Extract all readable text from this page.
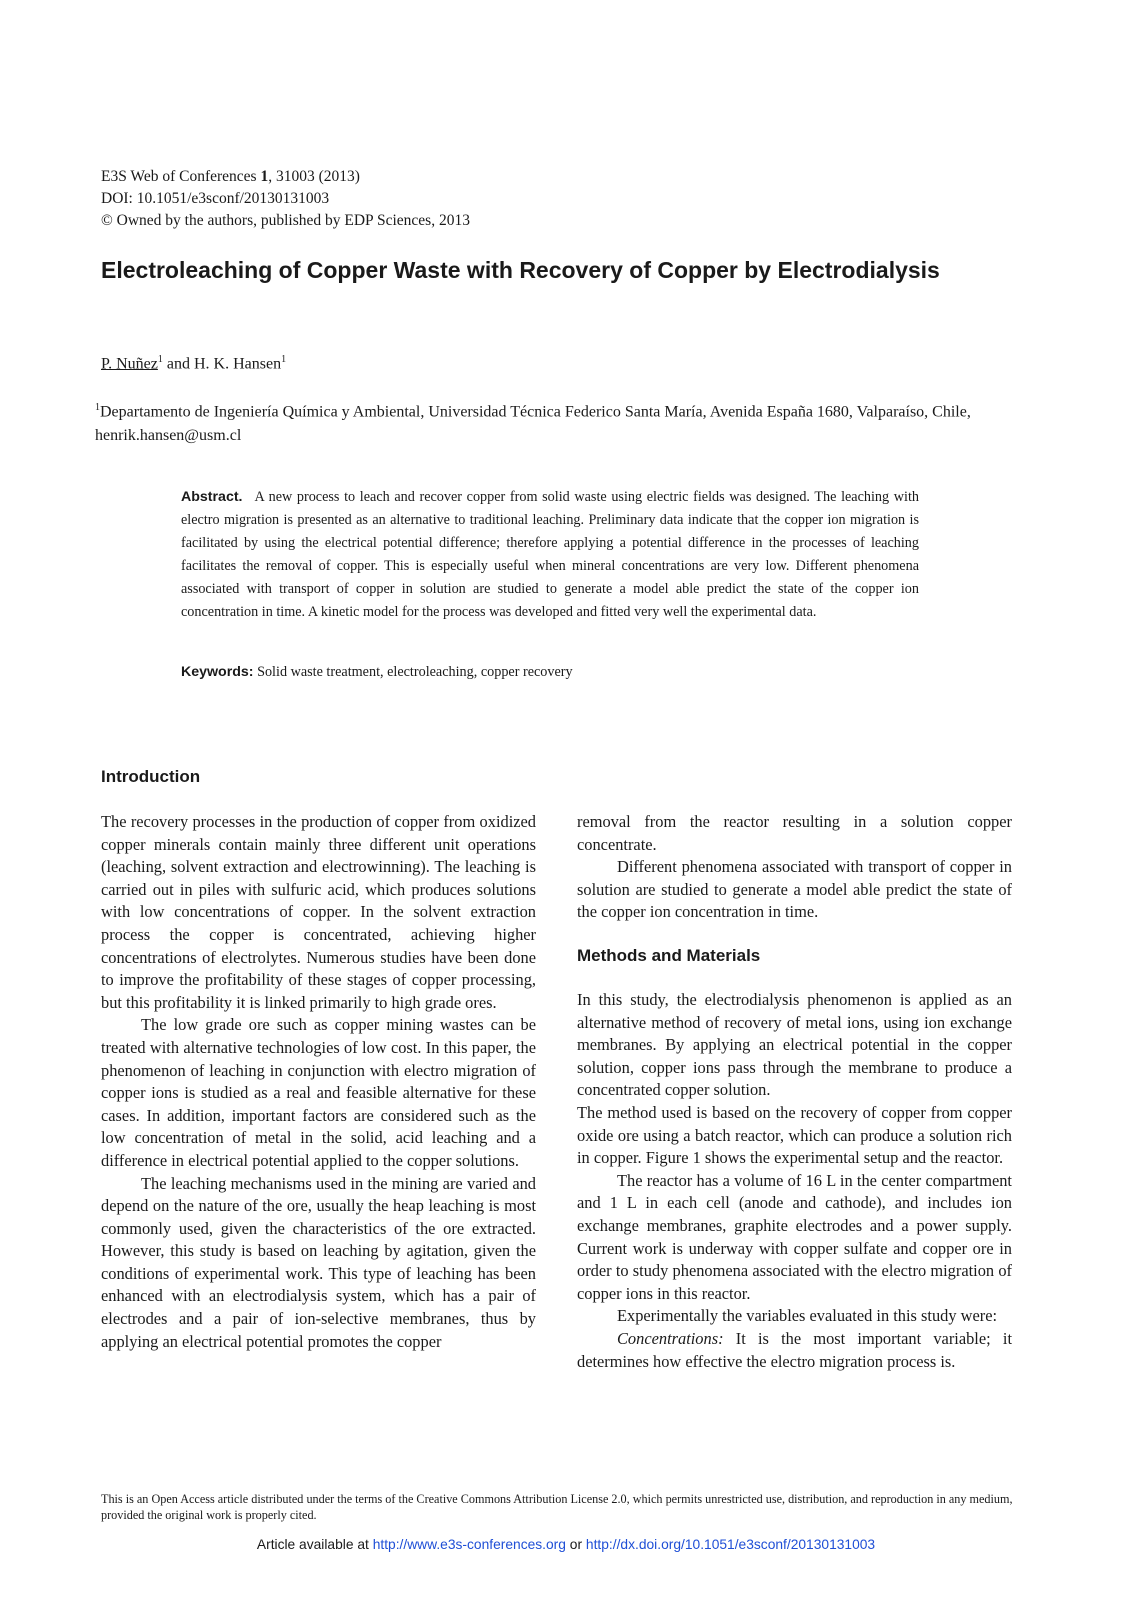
E3S Web of Conferences 1, 31003 (2013)
DOI: 10.1051/e3sconf/20130131003
© Owned by the authors, published by EDP Sciences, 2013
Electroleaching of Copper Waste with Recovery of Copper by Electrodialysis
P. Nuñez$^1$ and H. K. Hansen$^1$
$^1$Departamento de Ingeniería Química y Ambiental, Universidad Técnica Federico Santa María, Avenida España 1680, Valparaíso, Chile, henrik.hansen@usm.cl

Abstract. A new process to leach and recover copper from solid waste using electric fields was designed. The leaching with electro migration is presented as an alternative to traditional leaching. Preliminary data indicate that the copper ion migration is facilitated by using the electrical potential difference; therefore applying a potential difference in the processes of leaching facilitates the removal of copper. This is especially useful when mineral concentrations are very low. Different phenomena associated with transport of copper in solution are studied to generate a model able predict the state of the copper ion concentration in time. A kinetic model for the process was developed and fitted very well the experimental data.

Keywords: Solid waste treatment, electroleaching, copper recovery

Introduction

The recovery processes in the production of copper from oxidized copper minerals contain mainly three different unit operations (leaching, solvent extraction and electrowinning). The leaching is carried out in piles with sulfuric acid, which produces solutions with low concentrations of copper. In the solvent extraction process the copper is concentrated, achieving higher concentrations of electrolytes. Numerous studies have been done to improve the profitability of these stages of copper processing, but this profitability it is linked primarily to high grade ores.

The low grade ore such as copper mining wastes can be treated with alternative technologies of low cost. In this paper, the phenomenon of leaching in conjunction with electro migration of copper ions is studied as a real and feasible alternative for these cases. In addition, important factors are considered such as the low concentration of metal in the solid, acid leaching and a difference in electrical potential applied to the copper solutions.

The leaching mechanisms used in the mining are varied and depend on the nature of the ore, usually the heap leaching is most commonly used, given the characteristics of the ore extracted. However, this study is based on leaching by agitation, given the conditions of experimental work. This type of leaching has been enhanced with an electrodialysis system, which has a pair of electrodes and a pair of ion-selective membranes, thus by applying an electrical potential promotes the copper

removal from the reactor resulting in a solution copper concentrate.

Different phenomena associated with transport of copper in solution are studied to generate a model able predict the state of the copper ion concentration in time.

Methods and Materials

In this study, the electrodialysis phenomenon is applied as an alternative method of recovery of metal ions, using ion exchange membranes. By applying an electrical potential in the copper solution, copper ions pass through the membrane to produce a concentrated copper solution.

The method used is based on the recovery of copper from copper oxide ore using a batch reactor, which can produce a solution rich in copper. Figure 1 shows the experimental setup and the reactor.

The reactor has a volume of 16 L in the center compartment and 1 L in each cell (anode and cathode), and includes ion exchange membranes, graphite electrodes and a power supply. Current work is underway with copper sulfate and copper ore in order to study phenomena associated with the electro migration of copper ions in this reactor.

Experimentally the variables evaluated in this study were:

Concentrations: It is the most important variable; it determines how effective the electro migration process is.

This is an Open Access article distributed under the terms of the Creative Commons Attribution License 2.0, which permits unrestricted use, distribution, and reproduction in any medium, provided the original work is properly cited.

Article available at http://www.e3s-conferences.org or http://dx.doi.org/10.1051/e3sconf/20130131003
